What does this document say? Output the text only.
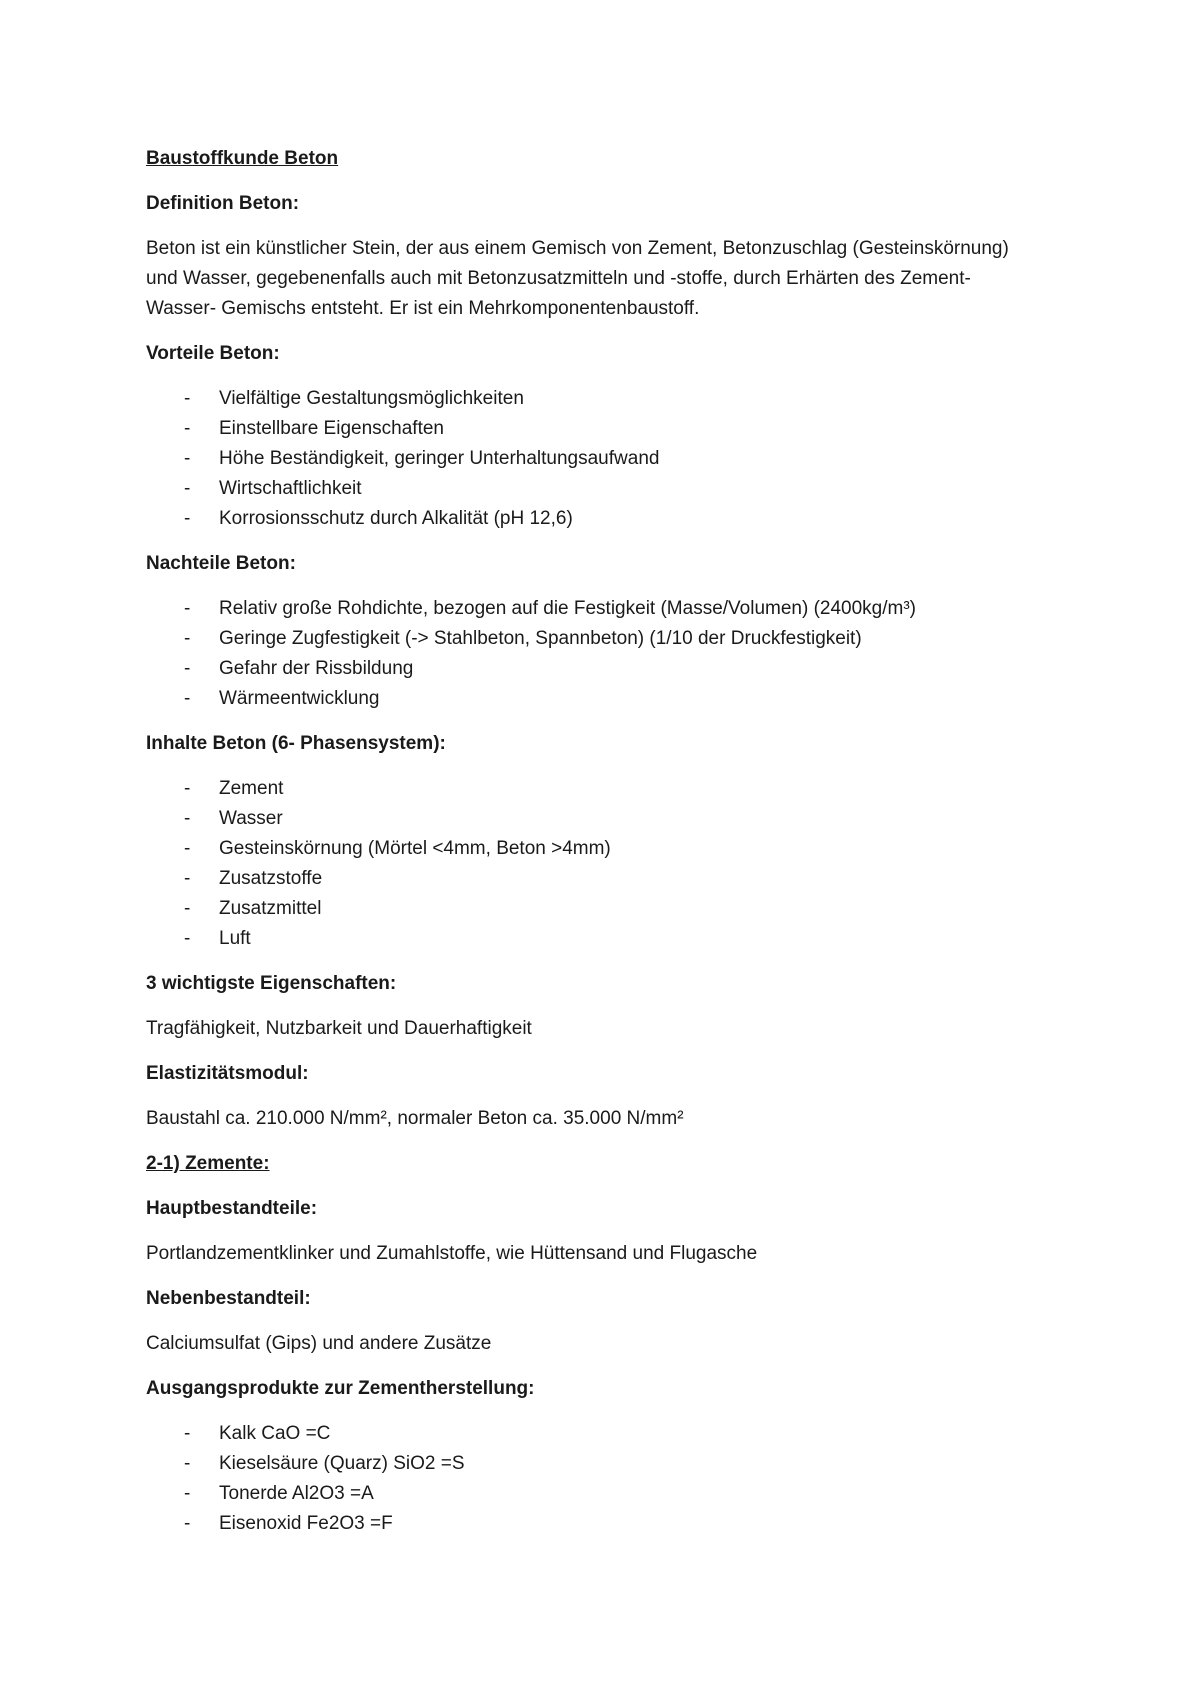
Baustoffkunde Beton
Definition Beton:
Beton ist ein künstlicher Stein, der aus einem Gemisch von Zement, Betonzuschlag (Gesteinskörnung)
und Wasser, gegebenenfalls auch mit Betonzusatzmitteln und -stoffe, durch Erhärten des Zement-
Wasser- Gemischs entsteht. Er ist ein Mehrkomponentenbaustoff.
Vorteile Beton:
- Vielfältige Gestaltungsmöglichkeiten
- Einstellbare Eigenschaften
- Höhe Beständigkeit, geringer Unterhaltungsaufwand
- Wirtschaftlichkeit
- Korrosionsschutz durch Alkalität (pH 12,6)
Nachteile Beton:
- Relativ große Rohdichte, bezogen auf die Festigkeit (Masse/Volumen) (2400kg/m³)
- Geringe Zugfestigkeit (-> Stahlbeton, Spannbeton) (1/10 der Druckfestigkeit)
- Gefahr der Rissbildung
- Wärmeentwicklung
Inhalte Beton (6- Phasensystem):
- Zement
- Wasser
- Gesteinskörnung (Mörtel <4mm, Beton >4mm)
- Zusatzstoffe
- Zusatzmittel
- Luft
3 wichtigste Eigenschaften:
Tragfähigkeit, Nutzbarkeit und Dauerhaftigkeit
Elastizitätsmodul:
Baustahl ca. 210.000 N/mm², normaler Beton ca. 35.000 N/mm²
2-1) Zemente:
Hauptbestandteile:
Portlandzementklinker und Zumahlstoffe, wie Hüttensand und Flugasche
Nebenbestandteil:
Calciumsulfat (Gips) und andere Zusätze
Ausgangsprodukte zur Zementherstellung:
- Kalk CaO =C
- Kieselsäure (Quarz) SiO2 =S
- Tonerde Al2O3 =A
- Eisenoxid Fe2O3 =F
